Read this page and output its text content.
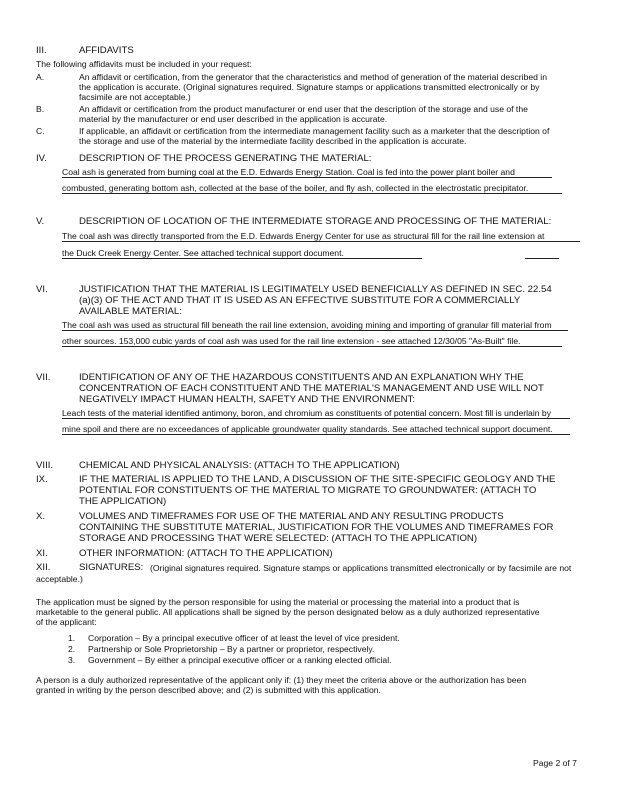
III.	AFFIDAVITS
The following affidavits must be included in your request:
A.	An affidavit or certification, from the generator that the characteristics and method of generation of the material described in
the application is accurate. (Original signatures required. Signature stamps or applications transmitted electronically or by
facsimile are not acceptable.)
B.	An affidavit or certification from the product manufacturer or end user that the description of the storage and use of the
material by the manufacturer or end user described in the application is accurate.
C.	If applicable, an affidavit or certification from the intermediate management facility such as a marketer that the description of
the storage and use of the material by the intermediate facility described in the application is accurate.
IV.	DESCRIPTION OF THE PROCESS GENERATING THE MATERIAL:
Coal ash is generated from burning coal at the E.D. Edwards Energy Station. Coal is fed into the power plant boiler and
combusted, generating bottom ash, collected at the base of the boiler, and fly ash, collected in the electrostatic precipitator.
V.	DESCRIPTION OF LOCATION OF THE INTERMEDIATE STORAGE AND PROCESSING OF THE MATERIAL:
The coal ash was directly transported from the E.D. Edwards Energy Center for use as structural fill for the rail line extension at
the Duck Creek Energy Center. See attached technical support document.
VI.	JUSTIFICATION THAT THE MATERIAL IS LEGITIMATELY USED BENEFICIALLY AS DEFINED IN SEC. 22.54
(a)(3) OF THE ACT AND THAT IT IS USED AS AN EFFECTIVE SUBSTITUTE FOR A COMMERCIALLY
AVAILABLE MATERIAL:
The coal ash was used as structural fill beneath the rail line extension, avoiding mining and importing of granular fill material from
other sources. 153,000 cubic yards of coal ash was used for the rail line extension - see attached 12/30/05 "As-Built" file.
VII.	IDENTIFICATION OF ANY OF THE HAZARDOUS CONSTITUENTS AND AN EXPLANATION WHY THE
CONCENTRATION OF EACH CONSTITUENT AND THE MATERIAL'S MANAGEMENT AND USE WILL NOT
NEGATIVELY IMPACT HUMAN HEALTH, SAFETY AND THE ENVIRONMENT:
Leach tests of the material identified antimony, boron, and chromium as constituents of potential concern. Most fill is underlain by
mine spoil and there are no exceedances of applicable groundwater quality standards. See attached technical support document.
VIII.	CHEMICAL AND PHYSICAL ANALYSIS: (ATTACH TO THE APPLICATION)
IX.	IF THE MATERIAL IS APPLIED TO THE LAND, A DISCUSSION OF THE SITE-SPECIFIC GEOLOGY AND THE
POTENTIAL FOR CONSTITUENTS OF THE MATERIAL TO MIGRATE TO GROUNDWATER: (ATTACH TO
THE APPLICATION)
X.	VOLUMES AND TIMEFRAMES FOR USE OF THE MATERIAL AND ANY RESULTING PRODUCTS
CONTAINING THE SUBSTITUTE MATERIAL, JUSTIFICATION FOR THE VOLUMES AND TIMEFRAMES FOR
STORAGE AND PROCESSING THAT WERE SELECTED: (ATTACH TO THE APPLICATION)
XI.	OTHER INFORMATION: (ATTACH TO THE APPLICATION)
XII.	SIGNATURES: (Original signatures required. Signature stamps or applications transmitted electronically or by facsimile are not
acceptable.)
The application must be signed by the person responsible for using the material or processing the material into a product that is
marketable to the general public. All applications shall be signed by the person designated below as a duly authorized representative
of the applicant:
1. Corporation – By a principal executive officer of at least the level of vice president.
2. Partnership or Sole Proprietorship – By a partner or proprietor, respectively.
3. Government – By either a principal executive officer or a ranking elected official.
A person is a duly authorized representative of the applicant only if: (1) they meet the criteria above or the authorization has been
granted in writing by the person described above; and (2) is submitted with this application.
Page 2 of 7
